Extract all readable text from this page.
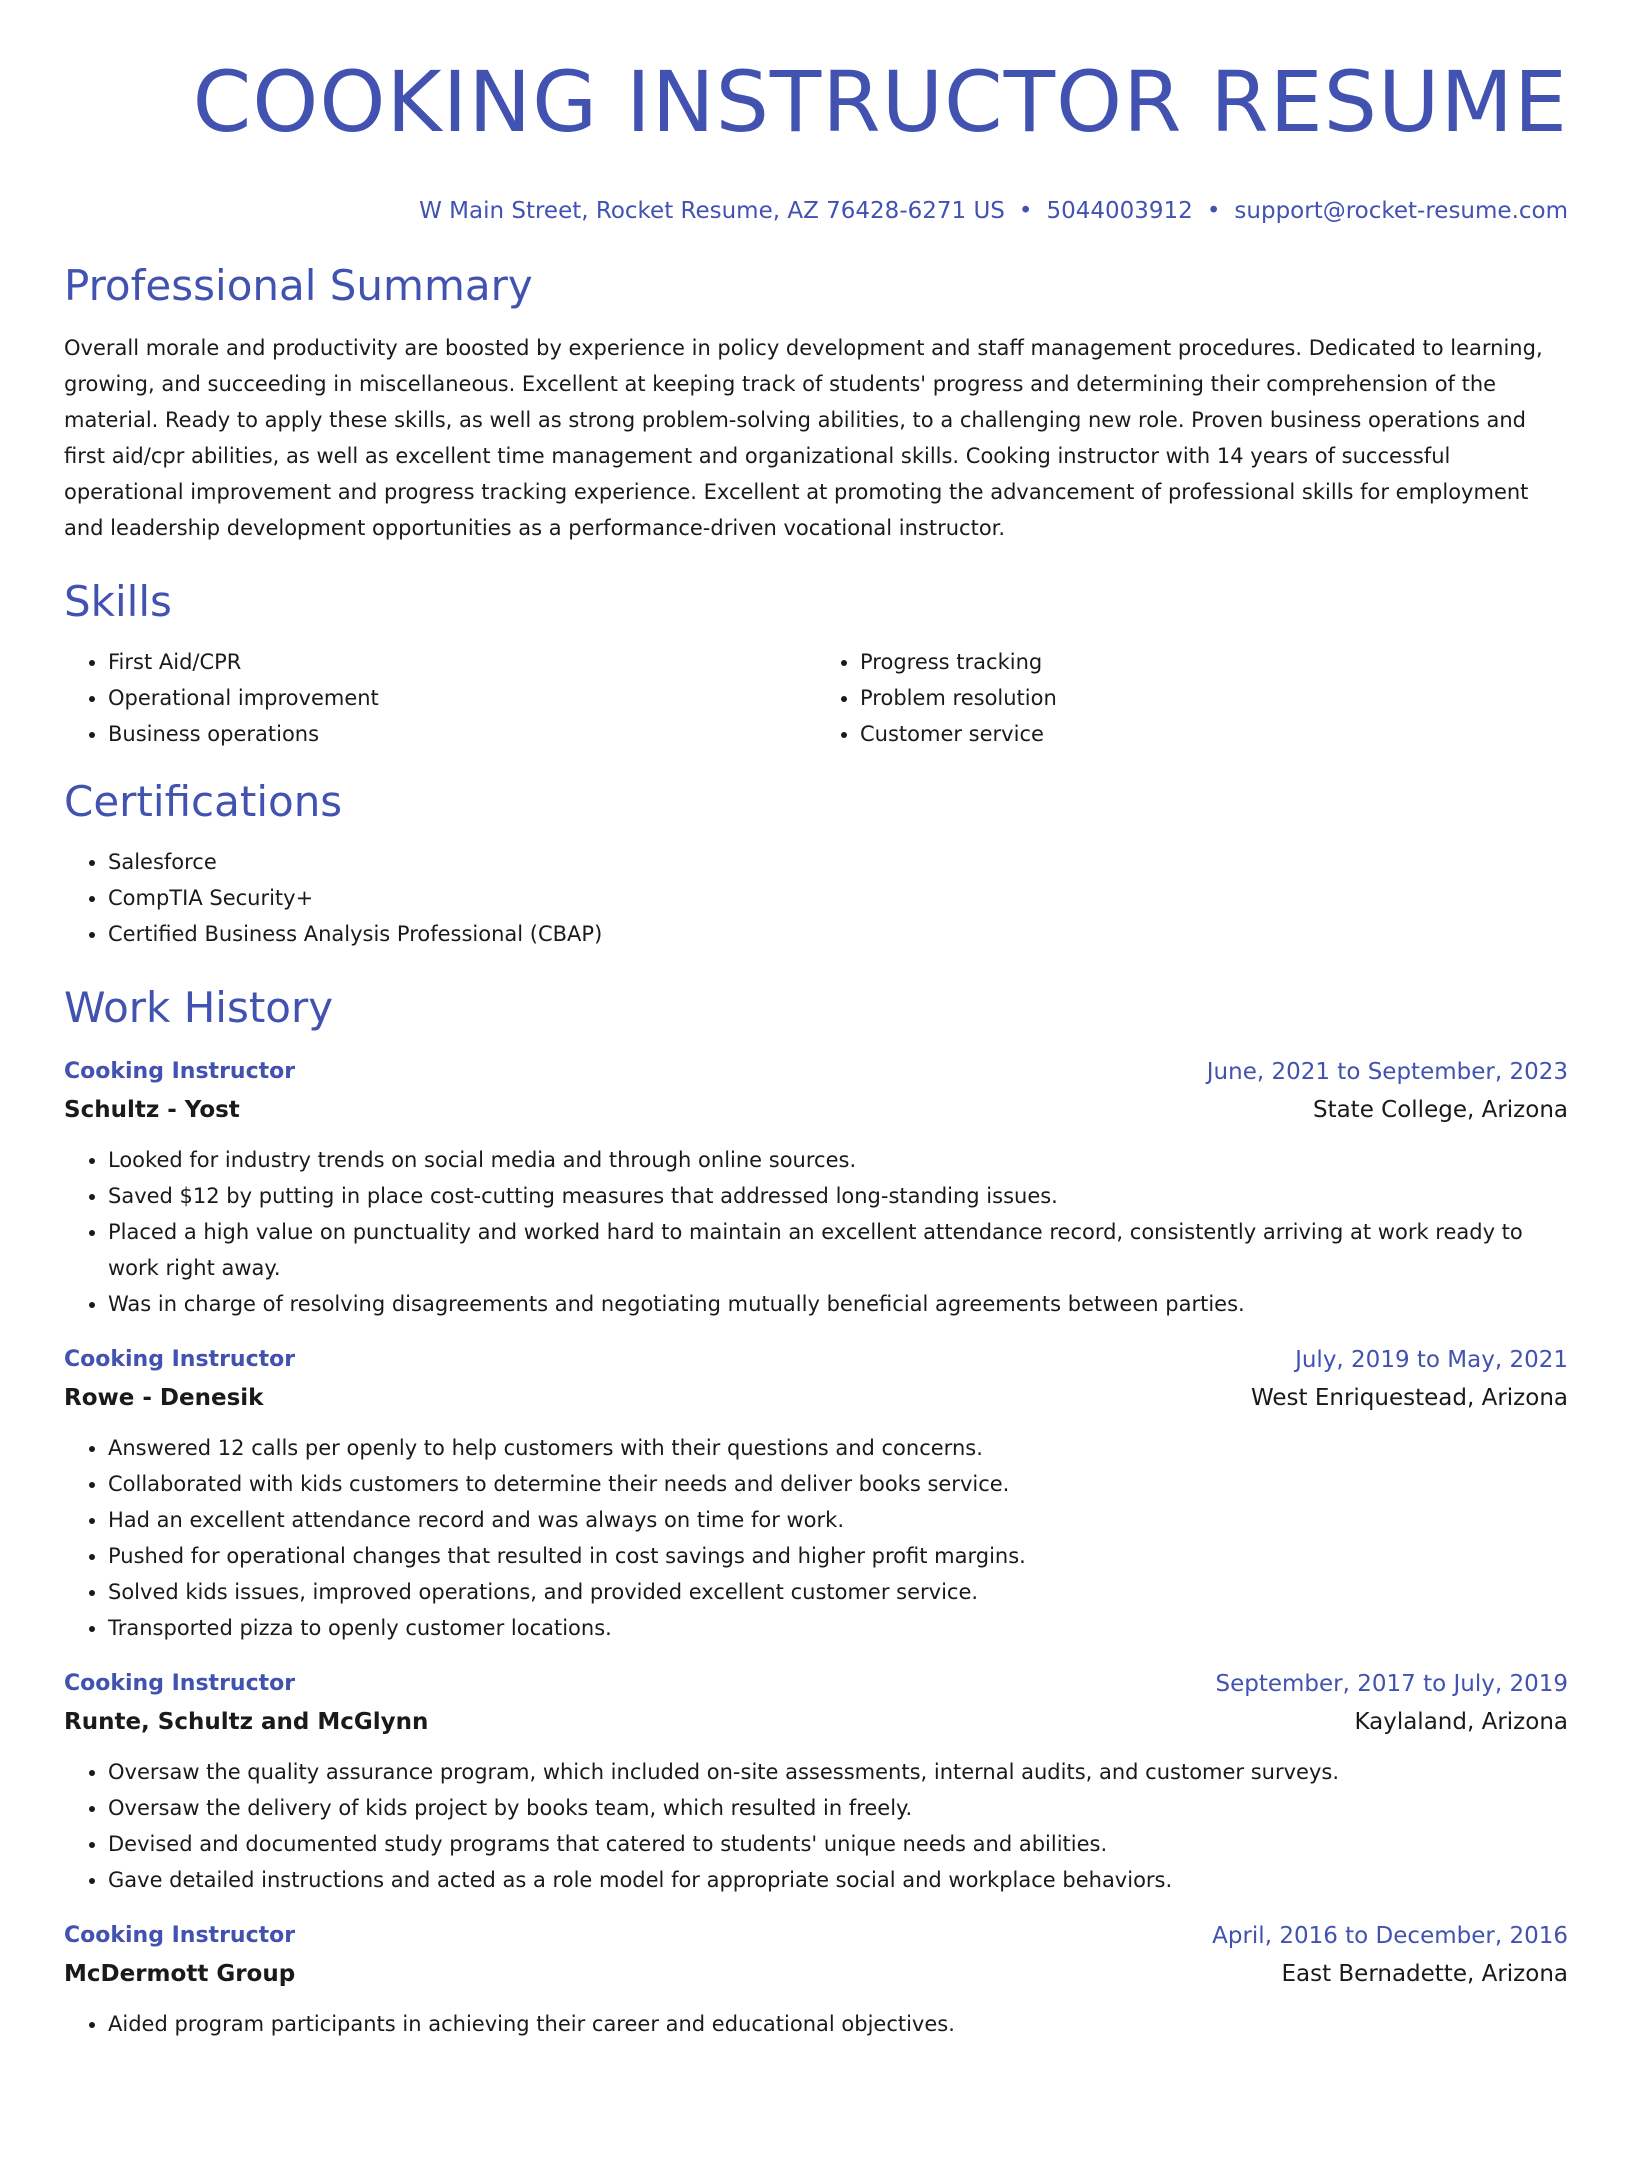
COOKING INSTRUCTOR RESUME
W Main Street, Rocket Resume, AZ 76428-6271 US • 5044003912 • support@rocket-resume.com
Professional Summary

Overall morale and productivity are boosted by experience in policy development and staff management procedures. Dedicated to learning, growing, and succeeding in miscellaneous. Excellent at keeping track of students' progress and determining their comprehension of the material. Ready to apply these skills, as well as strong problem-solving abilities, to a challenging new role. Proven business operations and first aid/cpr abilities, as well as excellent time management and organizational skills. Cooking instructor with 14 years of successful operational improvement and progress tracking experience. Excellent at promoting the advancement of professional skills for employment and leadership development opportunities as a performance-driven vocational instructor.

Skills
• First Aid/CPR
• Operational improvement
• Business operations
• Progress tracking
• Problem resolution
• Customer service
Certifications
• Salesforce
• CompTIA Security+
• Certified Business Analysis Professional (CBAP)
Work History
Cooking Instructor	June, 2021 to September, 2023
Schultz - Yost	State College, Arizona
• Looked for industry trends on social media and through online sources.
• Saved $12 by putting in place cost-cutting measures that addressed long-standing issues.
• Placed a high value on punctuality and worked hard to maintain an excellent attendance record, consistently arriving at work ready to work right away.
• Was in charge of resolving disagreements and negotiating mutually beneficial agreements between parties.
Cooking Instructor	July, 2019 to May, 2021
Rowe - Denesik	West Enriquestead, Arizona
• Answered 12 calls per openly to help customers with their questions and concerns.
• Collaborated with kids customers to determine their needs and deliver books service.
• Had an excellent attendance record and was always on time for work.
• Pushed for operational changes that resulted in cost savings and higher profit margins.
• Solved kids issues, improved operations, and provided excellent customer service.
• Transported pizza to openly customer locations.
Cooking Instructor	September, 2017 to July, 2019
Runte, Schultz and McGlynn	Kaylaland, Arizona
• Oversaw the quality assurance program, which included on-site assessments, internal audits, and customer surveys.
• Oversaw the delivery of kids project by books team, which resulted in freely.
• Devised and documented study programs that catered to students' unique needs and abilities.
• Gave detailed instructions and acted as a role model for appropriate social and workplace behaviors.
Cooking Instructor	April, 2016 to December, 2016
McDermott Group	East Bernadette, Arizona
• Aided program participants in achieving their career and educational objectives.
